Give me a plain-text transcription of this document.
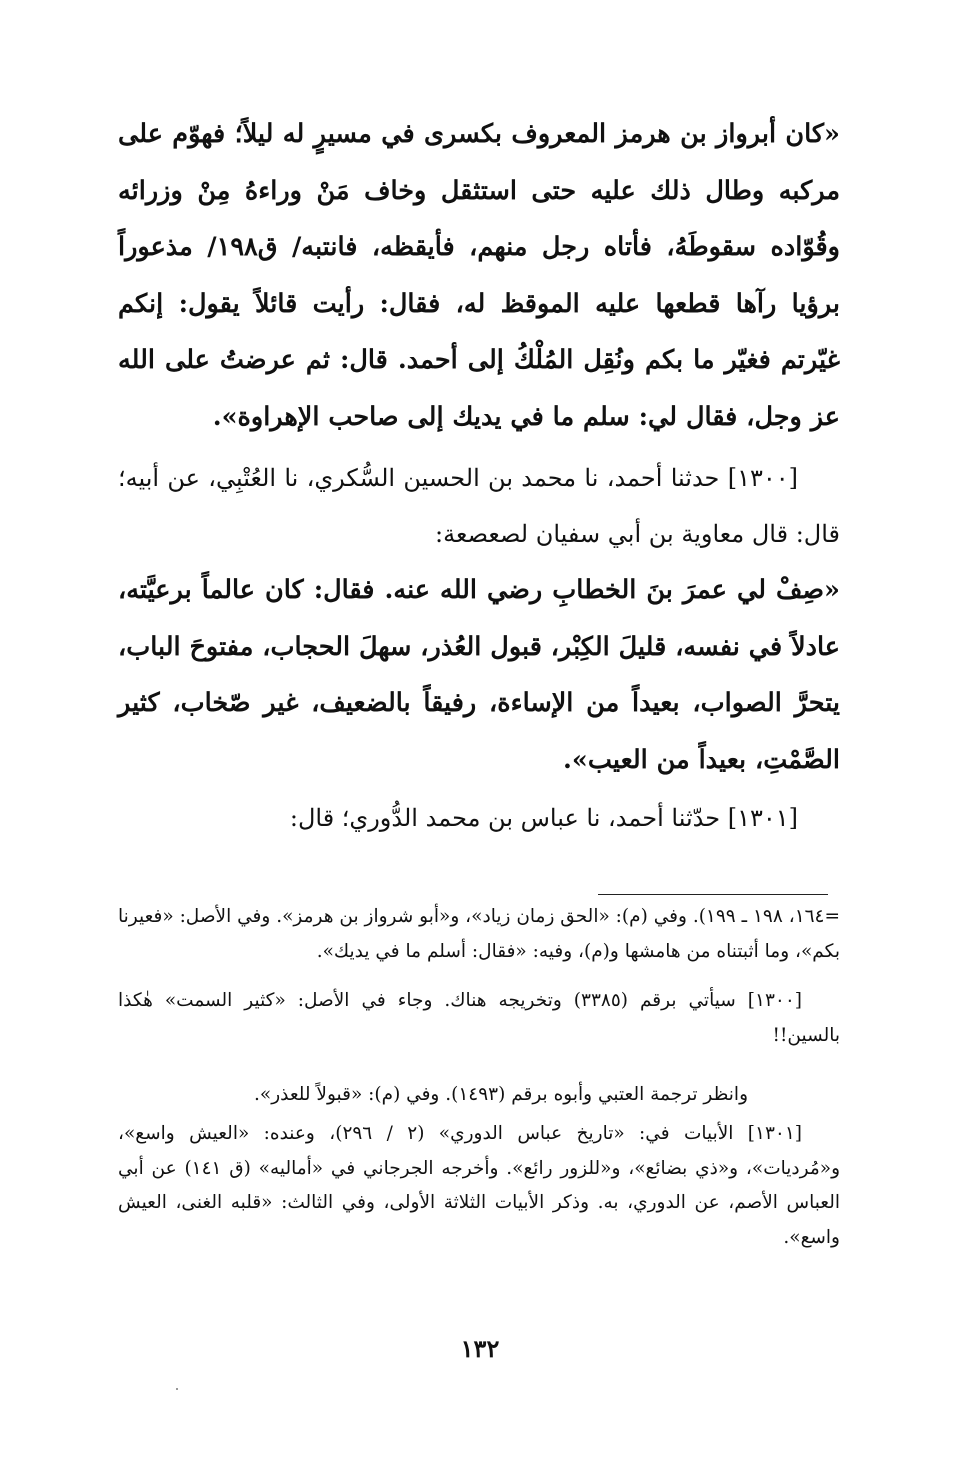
«كان أبرواز بن هرمز المعروف بكسرى في مسيرٍ له ليلاً؛ فهوّم على مركبه وطال ذلك عليه حتى استثقل وخاف مَنْ وراءهُ مِنْ وزرائه وقُوّاده سقوطَهُ، فأتاه رجل منهم، فأيقظه، فانتبه/ ق١٩٨/ مذعوراً برؤيا رآها قطعها عليه الموقظ له، فقال: رأيت قائلاً يقول: إنكم غيّرتم فغيّر ما بكم ونُقِل المُلْكُ إلى أحمد. قال: ثم عرضتُ على الله عز وجل، فقال لي: سلم ما في يديك إلى صاحب الإهراوة».

[١٣٠٠] حدثنا أحمد، نا محمد بن الحسين السُّكري، نا العُتْبِي، عن أبيه؛ قال: قال معاوية بن أبي سفيان لصعصعة:

«صِفْ لي عمرَ بنَ الخطابِ رضي الله عنه. فقال: كان عالماً برعيَّته، عادلاً في نفسه، قليلَ الكِبْر، قبول العُذر، سهلَ الحجاب، مفتوحَ الباب، يتحرَّ الصواب، بعيداً من الإساءة، رفيقاً بالضعيف، غير صّخاب، كثير الصَّمْتِ، بعيداً من العيب».

[١٣٠١] حدّثنا أحمد، نا عباس بن محمد الدُّوري؛ قال:

=١٦٤، ١٩٨ ـ ١٩٩). وفي (م): «الحق زمان زياد»، و«أبو شرواز بن هرمز». وفي الأصل: «فعيرنا بكم»، وما أثبتناه من هامشها و(م)، وفيه: «فقال: أسلم ما في يديك».

[١٣٠٠] سيأتي برقم (٣٣٨٥) وتخريجه هناك. وجاء في الأصل: «كثير السمت» هٰكذا بالسين!!

وانظر ترجمة العتبي وأبوه برقم (١٤٩٣). وفي (م): «قبولاً للعذر».

[١٣٠١] الأبيات في: «تاريخ عباس الدوري» (٢ / ٢٩٦)، وعنده: «العيش واسع»، و«مُرديات»، و«ذي بضائع»، و«للزور رائع». وأخرجه الجرجاني في «أماليه» (ق ١٤١) عن أبي العباس الأصم، عن الدوري، به. وذكر الأبيات الثلاثة الأولى، وفي الثالث: «قلبه الغنى، العيش واسع».

١٣٢
